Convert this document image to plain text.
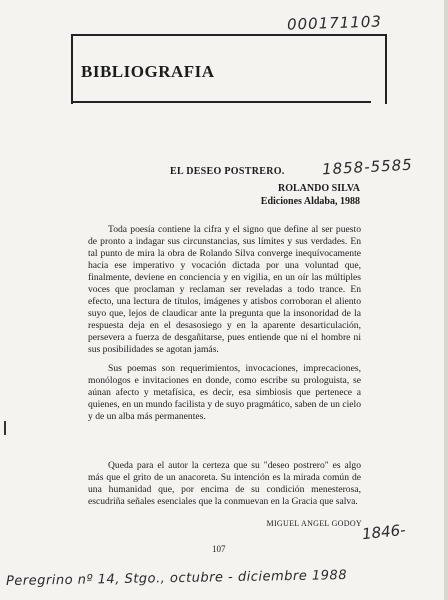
000171103
BIBLIOGRAFIA
EL DESEO POSTRERO. 1858-5585
ROLANDO SILVA
Ediciones Aldaba, 1988

Toda poesía contiene la cifra y el signo que define al ser puesto de pronto a indagar sus circunstancias, sus límites y sus verdades. En tal punto de mira la obra de Rolando Silva converge inequívocamente hacia ese imperativo y vocación dictada por una voluntad que, finalmente, deviene en conciencia y en vigilia, en un oír las múltiples voces que proclaman y reclaman ser reveladas a todo trance. En efecto, una lectura de títulos, imágenes y atisbos corroboran el aliento suyo que, lejos de claudicar ante la pregunta que la insonoridad de la respuesta deja en el desasosiego y en la aparente desarticulación, persevera a fuerza de desgañitarse, pues entiende que ni el hombre ni sus posibilidades se agotan jamás.

Sus poemas son requerimientos, invocaciones, imprecaciones, monólogos e invitaciones en donde, como escribe su prologuista, se aúnan afecto y metafísica, es decir, esa simbiosis que pertenece a quienes, en un mundo facilista y de suyo pragmático, saben de un cielo y de un alba más permanentes.

Queda para el autor la certeza que su "deseo postrero" es algo más que el grito de un anacoreta. Su intención es la mirada común de una humanidad que, por encima de su condición menesterosa, escudriña señales esenciales que la conmuevan en la Gracia que salva.

MIGUEL ANGEL GODOY 1846-
107
Peregrino nº 14, Stgo., octubre - diciembre 1988
